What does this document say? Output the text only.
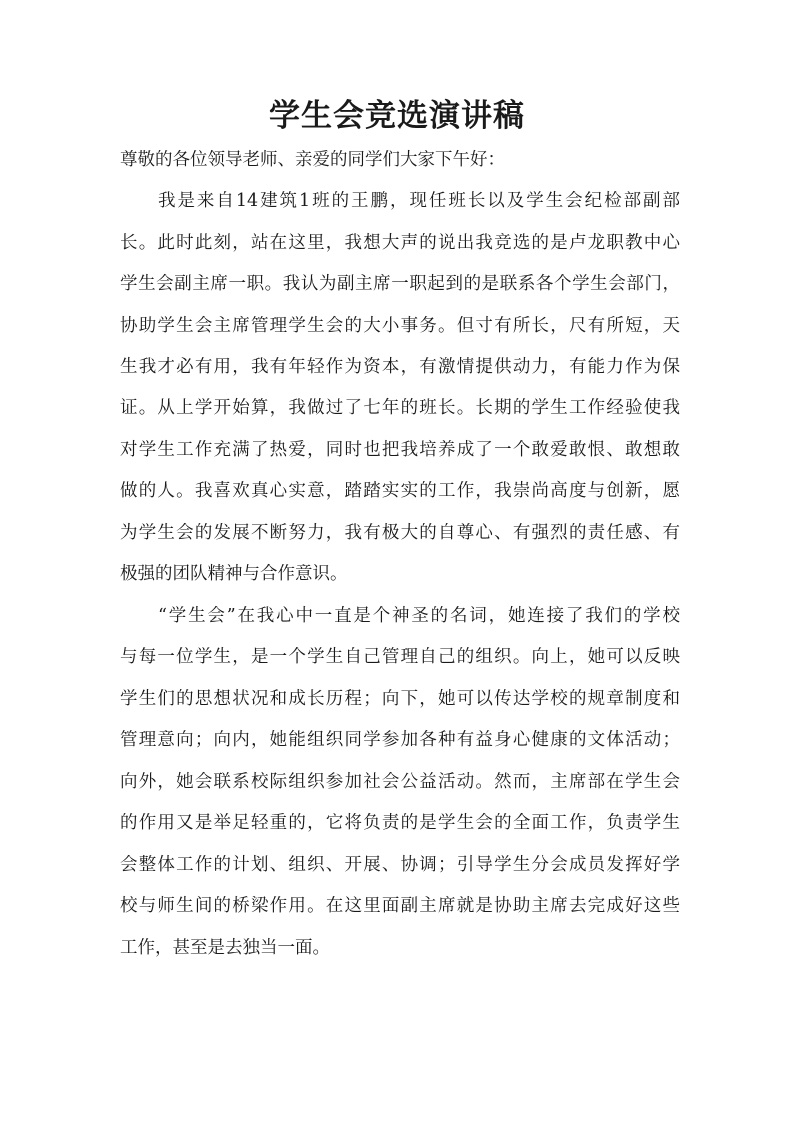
学生会竞选演讲稿
尊敬的各位领导老师、亲爱的同学们大家下午好：
我是来自14建筑1班的王鹏，现任班长以及学生会纪检部副部
长。此时此刻，站在这里，我想大声的说出我竞选的是卢龙职教中心
学生会副主席一职。我认为副主席一职起到的是联系各个学生会部门，
协助学生会主席管理学生会的大小事务。但寸有所长，尺有所短，天
生我才必有用，我有年轻作为资本，有激情提供动力，有能力作为保
证。从上学开始算，我做过了七年的班长。长期的学生工作经验使我
对学生工作充满了热爱，同时也把我培养成了一个敢爱敢恨、敢想敢
做的人。我喜欢真心实意，踏踏实实的工作，我崇尚高度与创新，愿
为学生会的发展不断努力，我有极大的自尊心、有强烈的责任感、有
极强的团队精神与合作意识。
“学生会”在我心中一直是个神圣的名词，她连接了我们的学校
与每一位学生，是一个学生自己管理自己的组织。向上，她可以反映
学生们的思想状况和成长历程；向下，她可以传达学校的规章制度和
管理意向；向内，她能组织同学参加各种有益身心健康的文体活动；
向外，她会联系校际组织参加社会公益活动。然而，主席部在学生会
的作用又是举足轻重的，它将负责的是学生会的全面工作，负责学生
会整体工作的计划、组织、开展、协调；引导学生分会成员发挥好学
校与师生间的桥梁作用。在这里面副主席就是协助主席去完成好这些
工作，甚至是去独当一面。
